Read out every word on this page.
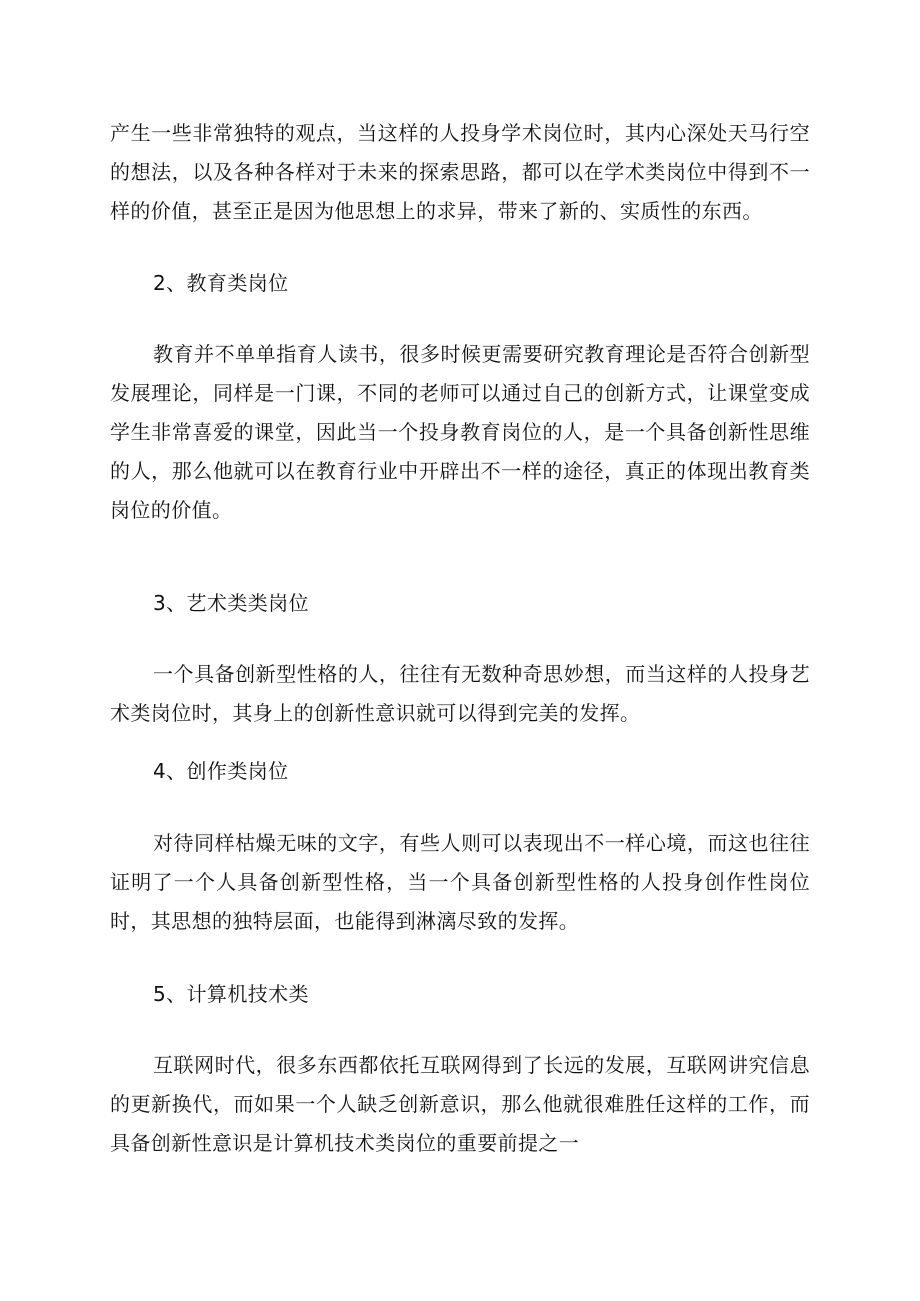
产生一些非常独特的观点，当这样的人投身学术岗位时，其内心深处天马行空的想法，以及各种各样对于未来的探索思路，都可以在学术类岗位中得到不一样的价值，甚至正是因为他思想上的求异，带来了新的、实质性的东西。

2、教育类岗位

教育并不单单指育人读书，很多时候更需要研究教育理论是否符合创新型发展理论，同样是一门课，不同的老师可以通过自己的创新方式，让课堂变成学生非常喜爱的课堂，因此当一个投身教育岗位的人，是一个具备创新性思维的人，那么他就可以在教育行业中开辟出不一样的途径，真正的体现出教育类岗位的价值。

3、艺术类类岗位

一个具备创新型性格的人，往往有无数种奇思妙想，而当这样的人投身艺术类岗位时，其身上的创新性意识就可以得到完美的发挥。

4、创作类岗位

对待同样枯燥无味的文字，有些人则可以表现出不一样心境，而这也往往证明了一个人具备创新型性格，当一个具备创新型性格的人投身创作性岗位时，其思想的独特层面，也能得到淋漓尽致的发挥。

5、计算机技术类

互联网时代，很多东西都依托互联网得到了长远的发展，互联网讲究信息的更新换代，而如果一个人缺乏创新意识，那么他就很难胜任这样的工作，而具备创新性意识是计算机技术类岗位的重要前提之一
